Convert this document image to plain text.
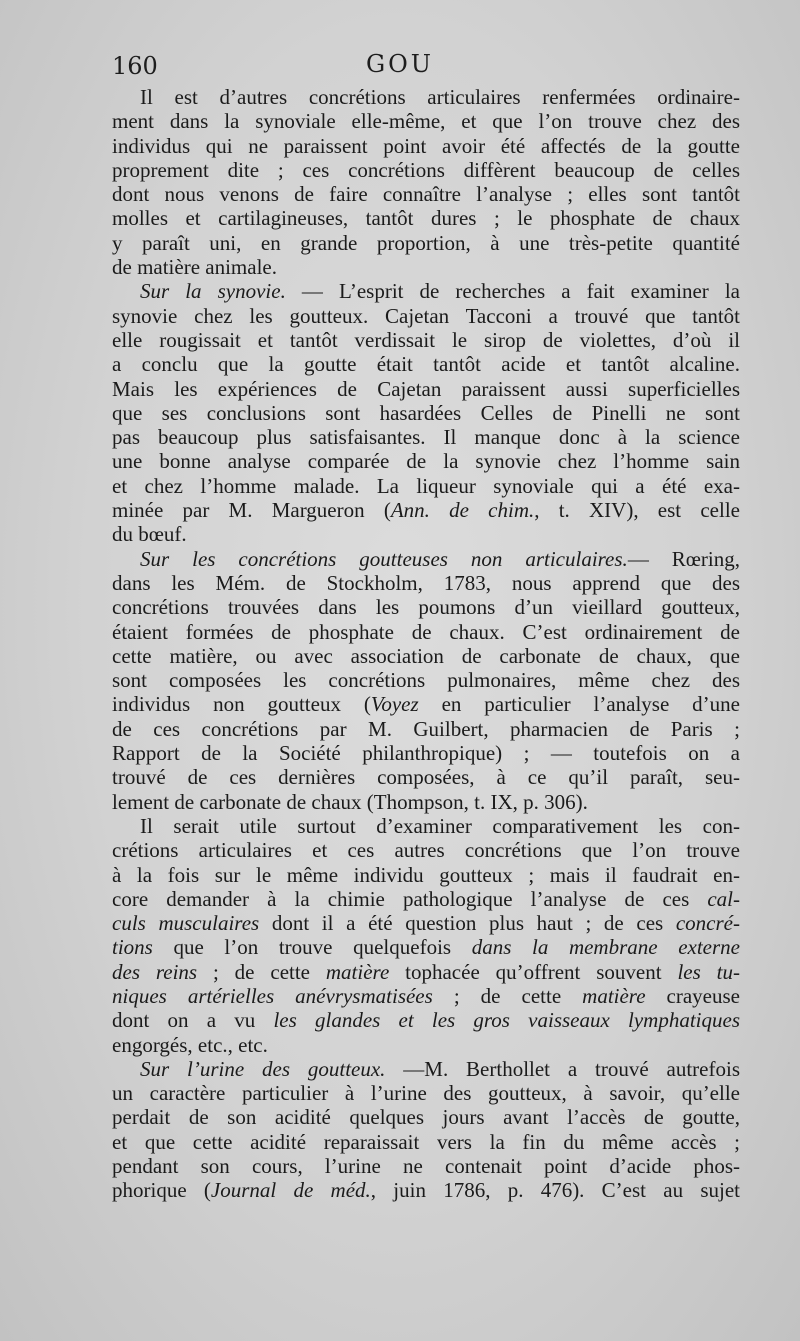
160	GOU
Il est d’autres concrétions articulaires renfermées ordinaire-
ment dans la synoviale elle-même, et que l’on trouve chez des
individus qui ne paraissent point avoir été affectés de la goutte
proprement dite ; ces concrétions diffèrent beaucoup de celles
dont nous venons de faire connaître l’analyse ; elles sont tantôt
molles et cartilagineuses, tantôt dures ; le phosphate de chaux
y paraît uni, en grande proportion, à une très-petite quantité
de matière animale.
Sur la synovie. — L’esprit de recherches a fait examiner la
synovie chez les goutteux. Cajetan Tacconi a trouvé que tantôt
elle rougissait et tantôt verdissait le sirop de violettes, d’où il
a conclu que la goutte était tantôt acide et tantôt alcaline.
Mais les expériences de Cajetan paraissent aussi superficielles
que ses conclusions sont hasardées Celles de Pinelli ne sont
pas beaucoup plus satisfaisantes. Il manque donc à la science
une bonne analyse comparée de la synovie chez l’homme sain
et chez l’homme malade. La liqueur synoviale qui a été exa-
minée par M. Margueron (Ann. de chim., t. XIV), est celle
du bœuf.
Sur les concrétions goutteuses non articulaires.— Rœring,
dans les Mém. de Stockholm, 1783, nous apprend que des
concrétions trouvées dans les poumons d’un vieillard goutteux,
étaient formées de phosphate de chaux. C’est ordinairement de
cette matière, ou avec association de carbonate de chaux, que
sont composées les concrétions pulmonaires, même chez des
individus non goutteux (Voyez en particulier l’analyse d’une
de ces concrétions par M. Guilbert, pharmacien de Paris ;
Rapport de la Société philanthropique) ; — toutefois on a
trouvé de ces dernières composées, à ce qu’il paraît, seu-
lement de carbonate de chaux (Thompson, t. IX, p. 306).
Il serait utile surtout d’examiner comparativement les con-
crétions articulaires et ces autres concrétions que l’on trouve
à la fois sur le même individu goutteux ; mais il faudrait en-
core demander à la chimie pathologique l’analyse de ces cal-
culs musculaires dont il a été question plus haut ; de ces concré-
tions que l’on trouve quelquefois dans la membrane externe
des reins ; de cette matière tophacée qu’offrent souvent les tu-
niques artérielles anévrysmatisées ; de cette matière crayeuse
dont on a vu les glandes et les gros vaisseaux lymphatiques
engorgés, etc., etc.
Sur l’urine des goutteux. —M. Berthollet a trouvé autrefois
un caractère particulier à l’urine des goutteux, à savoir, qu’elle
perdait de son acidité quelques jours avant l’accès de goutte,
et que cette acidité reparaissait vers la fin du même accès ;
pendant son cours, l’urine ne contenait point d’acide phos-
phorique (Journal de méd., juin 1786, p. 476). C’est au sujet
